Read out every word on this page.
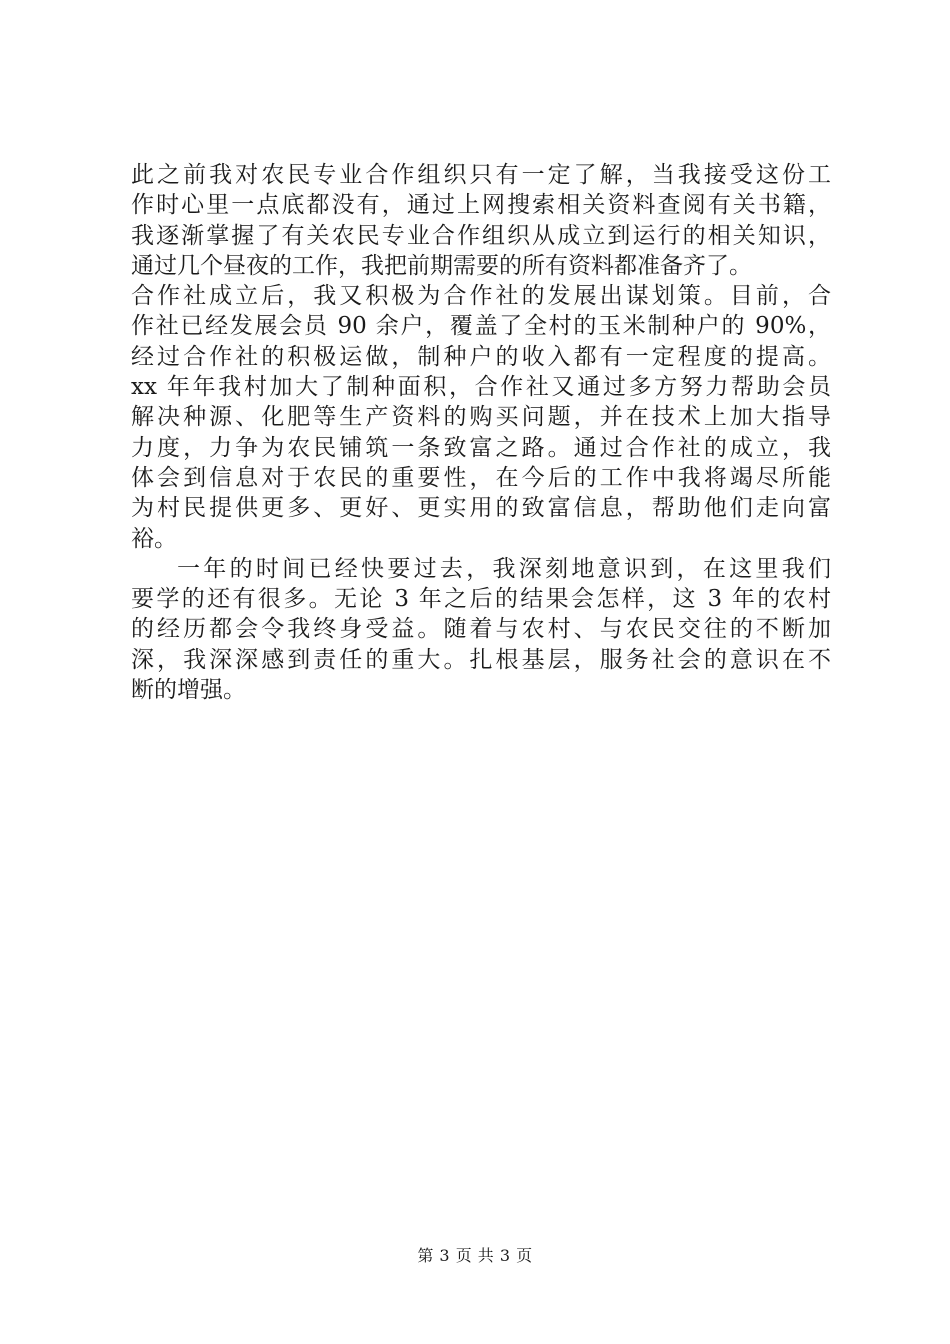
此之前我对农民专业合作组织只有一定了解，当我接受这份工
作时心里一点底都没有，通过上网搜索相关资料查阅有关书籍，
我逐渐掌握了有关农民专业合作组织从成立到运行的相关知识，
通过几个昼夜的工作，我把前期需要的所有资料都准备齐了。
合作社成立后，我又积极为合作社的发展出谋划策。目前，合
作社已经发展会员 90 余户，覆盖了全村的玉米制种户的 90%，
经过合作社的积极运做，制种户的收入都有一定程度的提高。
xx 年年我村加大了制种面积，合作社又通过多方努力帮助会员
解决种源、化肥等生产资料的购买问题，并在技术上加大指导
力度，力争为农民铺筑一条致富之路。通过合作社的成立，我
体会到信息对于农民的重要性，在今后的工作中我将竭尽所能
为村民提供更多、更好、更实用的致富信息，帮助他们走向富
裕。
一年的时间已经快要过去，我深刻地意识到，在这里我们
要学的还有很多。无论 3 年之后的结果会怎样，这 3 年的农村
的经历都会令我终身受益。随着与农村、与农民交往的不断加
深，我深深感到责任的重大。扎根基层，服务社会的意识在不
断的增强。
第 3 页 共 3 页
